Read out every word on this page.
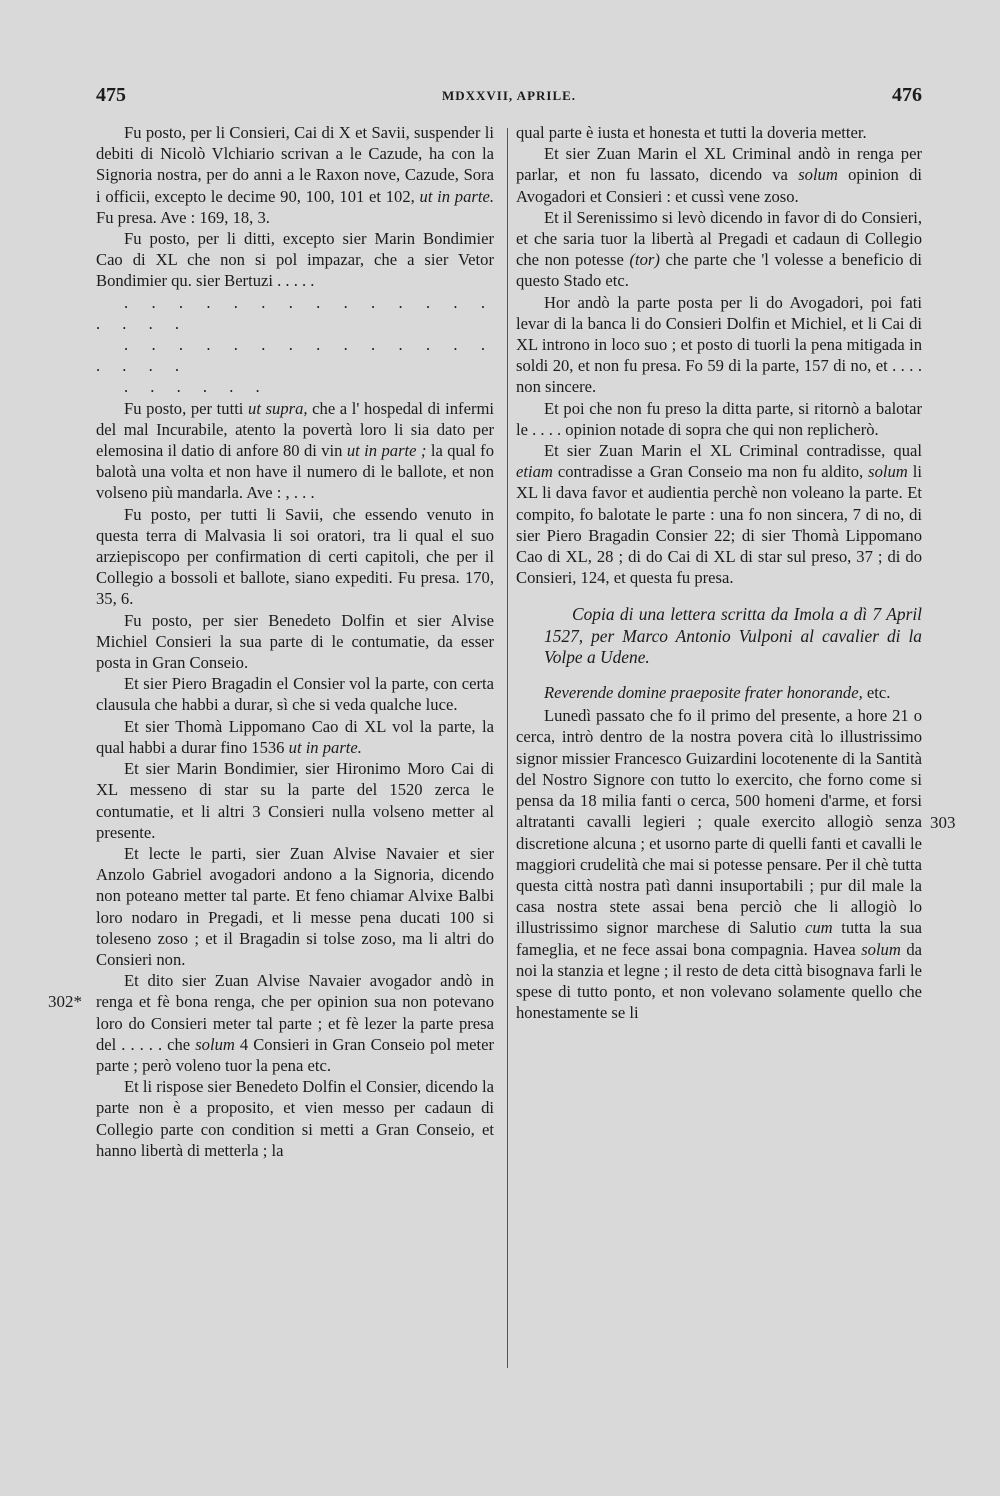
475	MDXXVII, APRILE.	476
302*
303

Fu posto, per li Consieri, Cai di X et Savii, suspender li debiti di Nicolò Vlchiario scrivan a le Cazude, ha con la Signoria nostra, per do anni a le Raxon nove, Cazude, Sora i officii, excepto le decime 90, 100, 101 et 102, ut in parte. Fu presa. Ave : 169, 18, 3.

Fu posto, per li ditti, excepto sier Marin Bondimier Cao di XL che non si pol impazar, che a sier Vetor Bondimier qu. sier Bertuzi . . . . .

. . . . . . . . . . . . . . . . . .

. . . . . . . . . . . . . . . . . .

. . . . . .

Fu posto, per tutti ut supra, che a l' hospedal di infermi del mal Incurabile, atento la povertà loro li sia dato per elemosina il datio di anfore 80 di vin ut in parte ; la qual fo balotà una volta et non have il numero di le ballote, et non volseno più mandarla. Ave : , . . .

Fu posto, per tutti li Savii, che essendo venuto in questa terra di Malvasia li soi oratori, tra li qual el suo arziepiscopo per confirmation di certi capitoli, che per il Collegio a bossoli et ballote, siano expediti. Fu presa. 170, 35, 6.

Fu posto, per sier Benedeto Dolfin et sier Alvise Michiel Consieri la sua parte di le contumatie, da esser posta in Gran Conseio.

Et sier Piero Bragadin el Consier vol la parte, con certa clausula che habbi a durar, sì che si veda qualche luce.

Et sier Thomà Lippomano Cao di XL vol la parte, la qual habbi a durar fino 1536 ut in parte.

Et sier Marin Bondimier, sier Hironimo Moro Cai di XL messeno di star su la parte del 1520 zerca le contumatie, et li altri 3 Consieri nulla volseno metter al presente.

Et lecte le parti, sier Zuan Alvise Navaier et sier Anzolo Gabriel avogadori andono a la Signoria, dicendo non poteano metter tal parte. Et feno chiamar Alvixe Balbi loro nodaro in Pregadi, et li messe pena ducati 100 si toleseno zoso ; et il Bragadin si tolse zoso, ma li altri do Consieri non.

Et dito sier Zuan Alvise Navaier avogador andò in renga et fè bona renga, che per opinion sua non potevano loro do Consieri meter tal parte ; et fè lezer la parte presa del . . . . . che solum 4 Consieri in Gran Conseio pol meter parte ; però voleno tuor la pena etc.

Et li rispose sier Benedeto Dolfin el Consier, dicendo la parte non è a proposito, et vien messo per cadaun di Collegio parte con condition si metti a Gran Conseio, et hanno libertà di metterla ; la

qual parte è iusta et honesta et tutti la doveria metter.

Et sier Zuan Marin el XL Criminal andò in renga per parlar, et non fu lassato, dicendo va solum opinion di Avogadori et Consieri : et cussì vene zoso.

Et il Serenissimo si levò dicendo in favor di do Consieri, et che saria tuor la libertà al Pregadi et cadaun di Collegio che non potesse (tor) che parte che 'l volesse a beneficio di questo Stado etc.

Hor andò la parte posta per li do Avogadori, poi fati levar di la banca li do Consieri Dolfin et Michiel, et li Cai di XL introno in loco suo ; et posto di tuorli la pena mitigada in soldi 20, et non fu presa. Fo 59 di la parte, 157 di no, et . . . . non sincere.

Et poi che non fu preso la ditta parte, si ritornò a balotar le . . . . opinion notade di sopra che qui non replicherò.

Et sier Zuan Marin el XL Criminal contradisse, qual etiam contradisse a Gran Conseio ma non fu aldito, solum li XL li dava favor et audientia perchè non voleano la parte. Et compito, fo balotate le parte : una fo non sincera, 7 di no, di sier Piero Bragadin Consier 22; di sier Thomà Lippomano Cao di XL, 28 ; di do Cai di XL di star sul preso, 37 ; di do Consieri, 124, et questa fu presa.

Copia di una lettera scritta da Imola a dì 7 April 1527, per Marco Antonio Vulponi al cavalier di la Volpe a Udene.

Reverende domine praeposite frater honorande, etc.

Lunedì passato che fo il primo del presente, a hore 21 o cerca, intrò dentro de la nostra povera cità lo illustrissimo signor missier Francesco Guizardini locotenente di la Santità del Nostro Signore con tutto lo exercito, che forno come si pensa da 18 milia fanti o cerca, 500 homeni d'arme, et forsi altratanti cavalli legieri ; quale exercito allogiò senza discretione alcuna ; et usorno parte di quelli fanti et cavalli le maggiori crudelità che mai si potesse pensare. Per il chè tutta questa città nostra patì danni insuportabili ; pur dil male la casa nostra stete assai bena perciò che li allogiò lo illustrissimo signor marchese di Salutio cum tutta la sua fameglia, et ne fece assai bona compagnia. Havea solum da noi la stanzia et legne ; il resto de deta città bisognava farli le spese di tutto ponto, et non volevano solamente quello che honestamente se li
